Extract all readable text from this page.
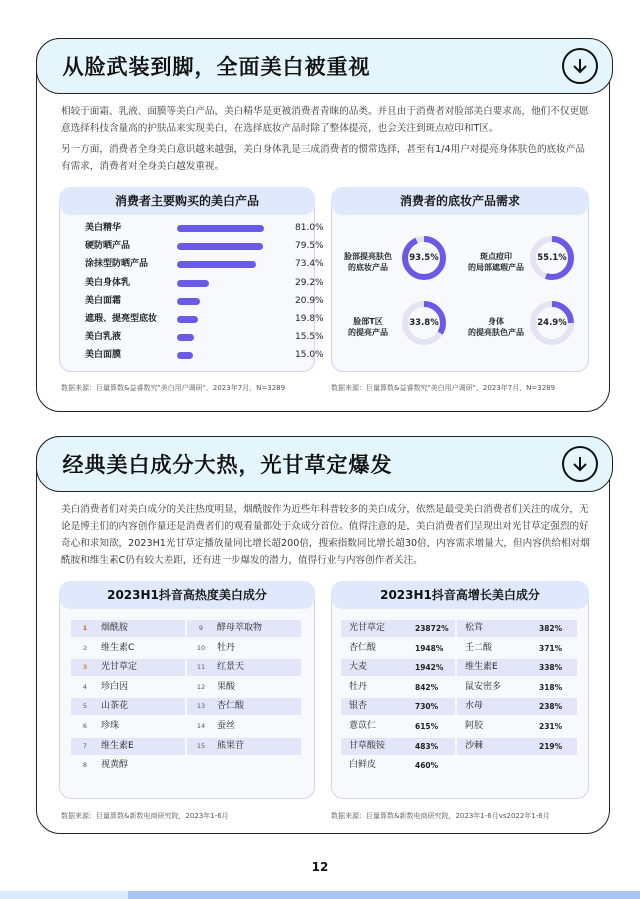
从脸武装到脚，全面美白被重视
相较于面霜、乳液、面膜等美白产品，美白精华是更被消费者青睐的品类。并且由于消费者对脸部美白要求高，他们不仅更愿意选择科技含量高的护肤品来实现美白，在选择底妆产品时除了整体提亮，也会关注到斑点痘印和T区。
另一方面，消费者全身美白意识越来越强，美白身体乳是三成消费者的惯常选择，甚至有1/4用户对提亮身体肤色的底妆产品有需求，消费者对全身美白越发重视。
消费者主要购买的美白产品
数据来源：巨量算数&益睿数究"美白用户调研"，2023年7月，N=3289
消费者的底妆产品需求
数据来源：巨量算数&益睿数究"美白用户调研"，2023年7月，N=3289
美白精华	81.0%
硬防晒产品	79.5%
涂抹型防晒产品	73.4%
美白身体乳	29.2%
美白面霜	20.9%
遮瑕、提亮型底妆	19.8%
美白乳液	15.5%
美白面膜	15.0%
脸部提亮肤色
的底妆产品
93.5%	斑点痘印
的局部遮瑕产品
55.1%
脸部T区
的提亮产品
33.8%	身体
的提亮肤色产品
24.9%
经典美白成分大热，光甘草定爆发
美白消费者们对美白成分的关注热度明显，烟酰胺作为近些年科普较多的美白成分，依然是最受美白消费者们关注的成分，无论是博主们的内容创作量还是消费者们的观看量都处于众成分首位。值得注意的是，美白消费者们呈现出对光甘草定强烈的好奇心和求知欲，2023H1光甘草定播放量同比增长超200倍，搜索指数同比增长超30倍，内容需求增量大，但内容供给相对烟酰胺和维生素C仍有较大差距，还有进一步爆发的潜力，值得行业与内容创作者关注。
2023H1抖音高热度美白成分
数据来源：巨量算数&新数电商研究院，2023年1-6月
2023H1抖音高增长美白成分
数据来源：巨量算数&新数电商研究院，2023年1-6月vs2022年1-6月
1	烟酰胺
2	维生素C
3	光甘草定
4	珍白因
5	山茶花
6	珍珠
7	维生素E
8	视黄醇
9	酵母萃取物
10	牡丹
11	红景天
12	果酸
13	杏仁酸
14	蚕丝
15	熊果苷
光甘草定	23872%
杏仁酸	1948%
大麦	1942%
牡丹	842%
银杏	730%
薏苡仁	615%
甘草酸铵	483%
白鲜皮	460%
松茸	382%
壬二酸	371%
维生素E	338%
鼠安密多	318%
水母	238%
阿胶	231%
沙棘	219%
12
